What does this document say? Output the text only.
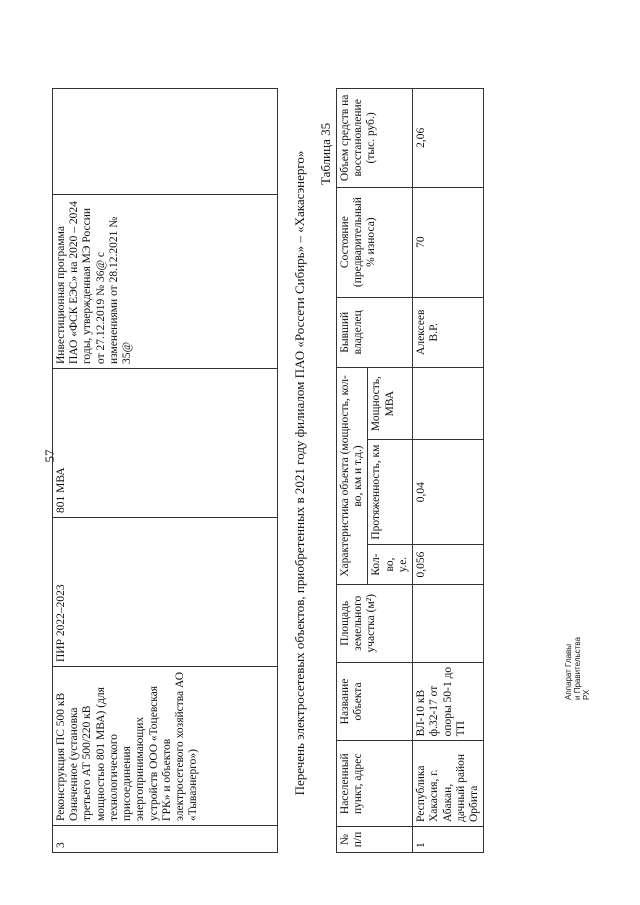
57
3	Реконструкция ПС 500 кВ Означенное (установка третьего АТ 500/220 кВ мощностью 801 МВА) (для технологического присоединения энергопринимающих устройств ООО «Тоцевская ГРК» и объектов электросетевого хозяйства АО «Тываэнерго»)	ПИР 2022–2023	801 МВА	Инвестиционная программа ПАО «ФСК ЕЭС» на 2020 – 2024 годы, утвержденная МЭ России от 27.12.2019 № 36@ с изменениями от 28.12.2021 № 35@		Перечень электросетевых объектов, приобретенных в 2021 году филиалом ПАО «Россети Сибирь» – «Хакасэнерго» Таблица 35
№ п/п	Населенный пункт, адрес	Название объекта	Площадь земельного участка (м²)	Характеристика объекта (мощность, кол-во, км и т.д.)			Бывший владелец	Состояние (предварительный % износа)	Объем средств на восстановление (тыс. руб.)
				Кол-во, у.е.	Протяженность, км	Мощность, МВА			
1	Республика Хакасия, г. Абакан, дачный район Орбита	ВЛ-10 кВ ф.32-17 от опоры 50-1 до ТП		0,056	0,04		Алексеев В.Р.	70	2,06
Аппарат Главы и Правительства РХ
